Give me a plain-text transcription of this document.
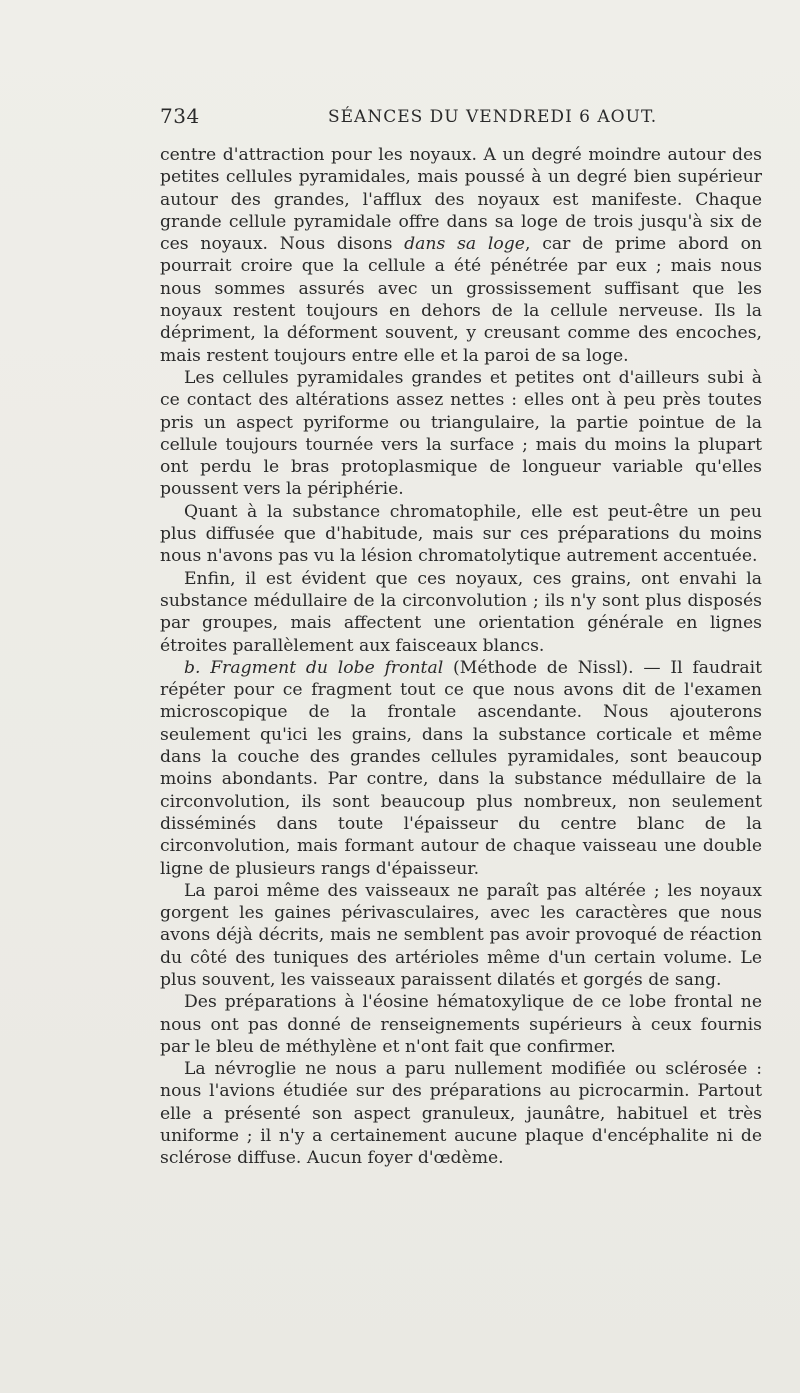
734	SÉANCES DU VENDREDI 6 AOUT.

centre d'attraction pour les noyaux. A un degré moindre autour des petites cellules pyramidales, mais poussé à un degré bien supérieur autour des grandes, l'afflux des noyaux est manifeste. Chaque grande cellule pyramidale offre dans sa loge de trois jusqu'à six de ces noyaux. Nous disons dans sa loge, car de prime abord on pourrait croire que la cellule a été pénétrée par eux ; mais nous nous sommes assurés avec un grossissement suffisant que les noyaux restent toujours en dehors de la cellule nerveuse. Ils la dépriment, la déforment souvent, y creusant comme des encoches, mais restent toujours entre elle et la paroi de sa loge.

Les cellules pyramidales grandes et petites ont d'ailleurs subi à ce contact des altérations assez nettes : elles ont à peu près toutes pris un aspect pyriforme ou triangulaire, la partie pointue de la cellule toujours tournée vers la surface ; mais du moins la plupart ont perdu le bras protoplasmique de longueur variable qu'elles poussent vers la périphérie.

Quant à la substance chromatophile, elle est peut-être un peu plus diffusée que d'habitude, mais sur ces préparations du moins nous n'avons pas vu la lésion chromatolytique autrement accentuée.

Enfin, il est évident que ces noyaux, ces grains, ont envahi la substance médullaire de la circonvolution ; ils n'y sont plus disposés par groupes, mais affectent une orientation générale en lignes étroites parallèlement aux faisceaux blancs.

b. Fragment du lobe frontal (Méthode de Nissl). — Il faudrait répéter pour ce fragment tout ce que nous avons dit de l'examen microscopique de la frontale ascendante. Nous ajouterons seulement qu'ici les grains, dans la substance corticale et même dans la couche des grandes cellules pyramidales, sont beaucoup moins abondants. Par contre, dans la substance médullaire de la circonvolution, ils sont beaucoup plus nombreux, non seulement disséminés dans toute l'épaisseur du centre blanc de la circonvolution, mais formant autour de chaque vaisseau une double ligne de plusieurs rangs d'épaisseur.

La paroi même des vaisseaux ne paraît pas altérée ; les noyaux gorgent les gaines périvasculaires, avec les caractères que nous avons déjà décrits, mais ne semblent pas avoir provoqué de réaction du côté des tuniques des artérioles même d'un certain volume. Le plus souvent, les vaisseaux paraissent dilatés et gorgés de sang.

Des préparations à l'éosine hématoxylique de ce lobe frontal ne nous ont pas donné de renseignements supérieurs à ceux fournis par le bleu de méthylène et n'ont fait que confirmer.

La névroglie ne nous a paru nullement modifiée ou sclérosée : nous l'avions étudiée sur des préparations au picrocarmin. Partout elle a présenté son aspect granuleux, jaunâtre, habituel et très uniforme ; il n'y a certainement aucune plaque d'encéphalite ni de sclérose diffuse. Aucun foyer d'œdème.
